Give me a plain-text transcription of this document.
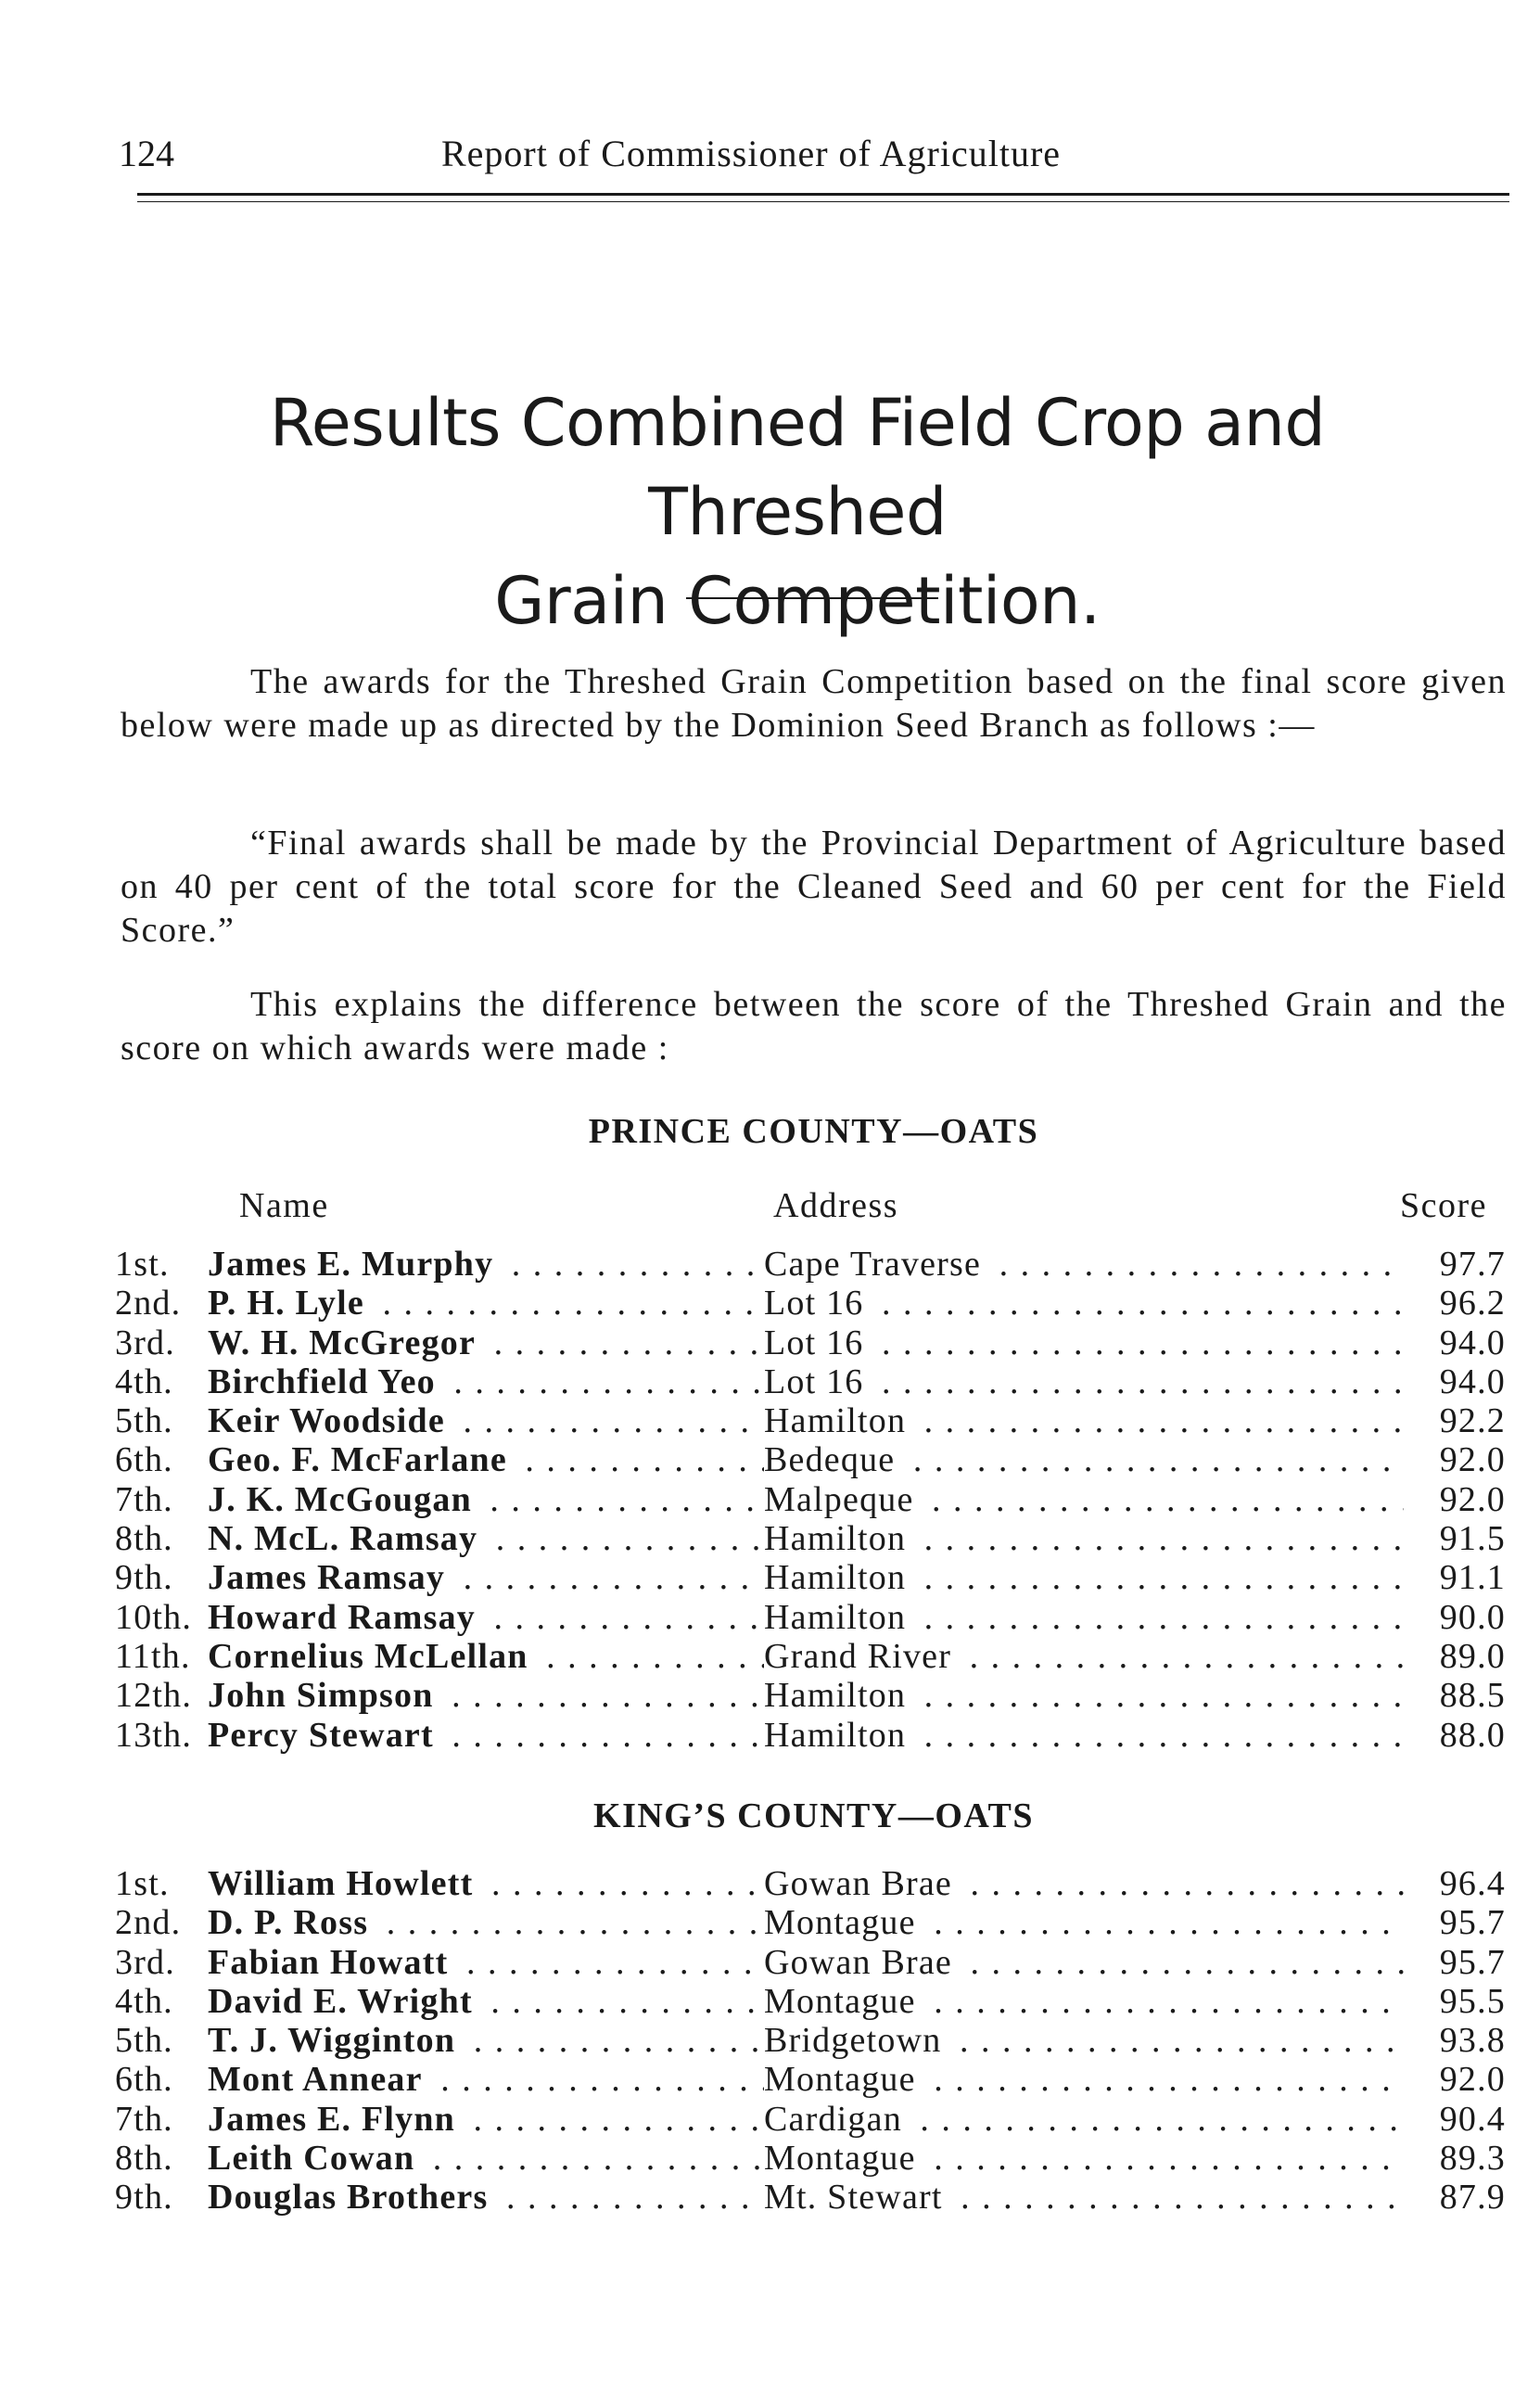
124	Report of Commissioner of Agriculture
Results Combined Field Crop and Threshed
Grain Competition.

The awards for the Threshed Grain Competition based on the final score given below were made up as directed by the Dominion Seed Branch as follows :—

“Final awards shall be made by the Provincial Department of Agriculture based on 40 per cent of the total score for the Cleaned Seed and 60 per cent for the Field Score.”

This explains the difference between the score of the Threshed Grain and the score on which awards were made :

PRINCE COUNTY—OATS
Name	Address	Score
1st.	James E. Murphy . . .	Cape Traverse . . .	97.7
2nd. P. H. Lyle . . .	Lot 16 . . .	96.2
3rd. W. H. McGregor . . .	Lot 16 . . .	94.0
4th. Birchfield Yeo . . .	Lot 16 . . .	94.0
5th. Keir Woodside . . .	Hamilton . . .	92.2
6th. Geo. F. McFarlane . . .	Bedeque . . .	92.0
7th. J. K. McGougan . . .	Malpeque . . .	92.0
8th. N. McL. Ramsay . . .	Hamilton . . .	91.5
9th. James Ramsay . . .	Hamilton . . .	91.1
10th. Howard Ramsay . . .	Hamilton . . .	90.0
11th. Cornelius McLellan . . .	Grand River . . .	89.0
12th. John Simpson . . .	Hamilton . . .	88.5
13th. Percy Stewart . . .	Hamilton . . .	88.0
KING’S COUNTY—OATS
1st.	William Howlett . . .	Gowan Brae . . .	96.4
2nd. D. P. Ross . . .	Montague . . .	95.7
3rd. Fabian Howatt . . .	Gowan Brae . . .	95.7
4th. David E. Wright . . .	Montague . . .	95.5
5th. T. J. Wigginton . . .	Bridgetown . . .	93.8
6th. Mont Annear . . .	Montague . . .	92.0
7th. James E. Flynn . . .	Cardigan . . .	90.4
8th. Leith Cowan . . .	Montague . . .	89.3
9th. Douglas Brothers . . .	Mt. Stewart . . .	87.9
